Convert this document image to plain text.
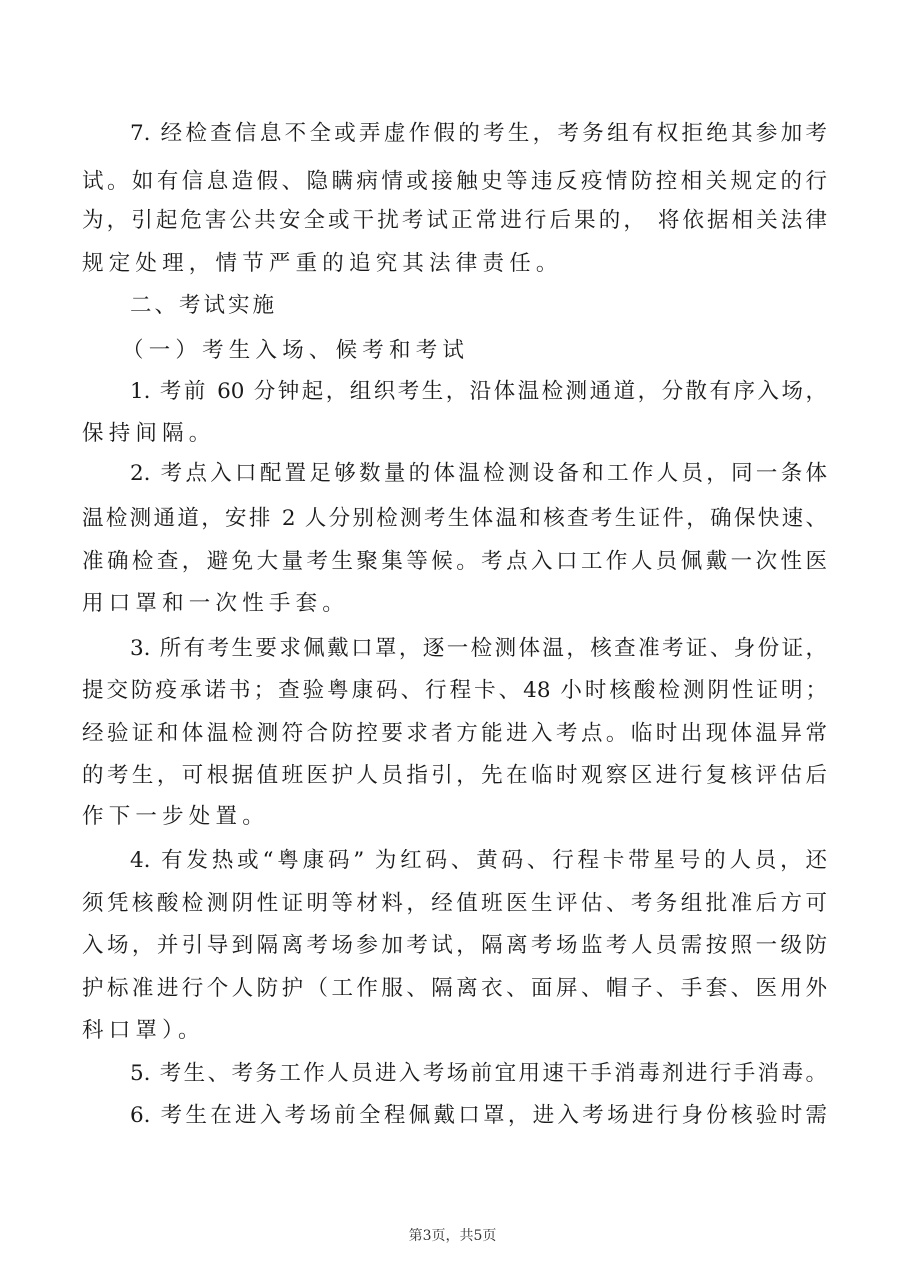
7. 经检查信息不全或弄虚作假的考生，考务组有权拒绝其参加考
试。如有信息造假、隐瞒病情或接触史等违反疫情防控相关规定的行
为，引起危害公共安全或干扰考试正常进行后果的， 将依据相关法律
规定处理，情节严重的追究其法律责任。
二、考试实施
（一）考生入场、候考和考试
1. 考前 60 分钟起，组织考生，沿体温检测通道，分散有序入场，
保持间隔。
2. 考点入口配置足够数量的体温检测设备和工作人员，同一条体
温检测通道，安排 2 人分别检测考生体温和核查考生证件，确保快速、
准确检查，避免大量考生聚集等候。考点入口工作人员佩戴一次性医
用口罩和一次性手套。
3. 所有考生要求佩戴口罩，逐一检测体温，核查准考证、身份证，
提交防疫承诺书；查验粤康码、行程卡、48 小时核酸检测阴性证明；
经验证和体温检测符合防控要求者方能进入考点。临时出现体温异常
的考生，可根据值班医护人员指引，先在临时观察区进行复核评估后
作下一步处置。
4. 有发热或“粤康码” 为红码、黄码、行程卡带星号的人员，还
须凭核酸检测阴性证明等材料，经值班医生评估、考务组批准后方可
入场，并引导到隔离考场参加考试，隔离考场监考人员需按照一级防
护标准进行个人防护（工作服、隔离衣、面屏、帽子、手套、医用外
科口罩）。
5. 考生、考务工作人员进入考场前宜用速干手消毒剂进行手消毒。
6. 考生在进入考场前全程佩戴口罩，进入考场进行身份核验时需
第3页，共5页
